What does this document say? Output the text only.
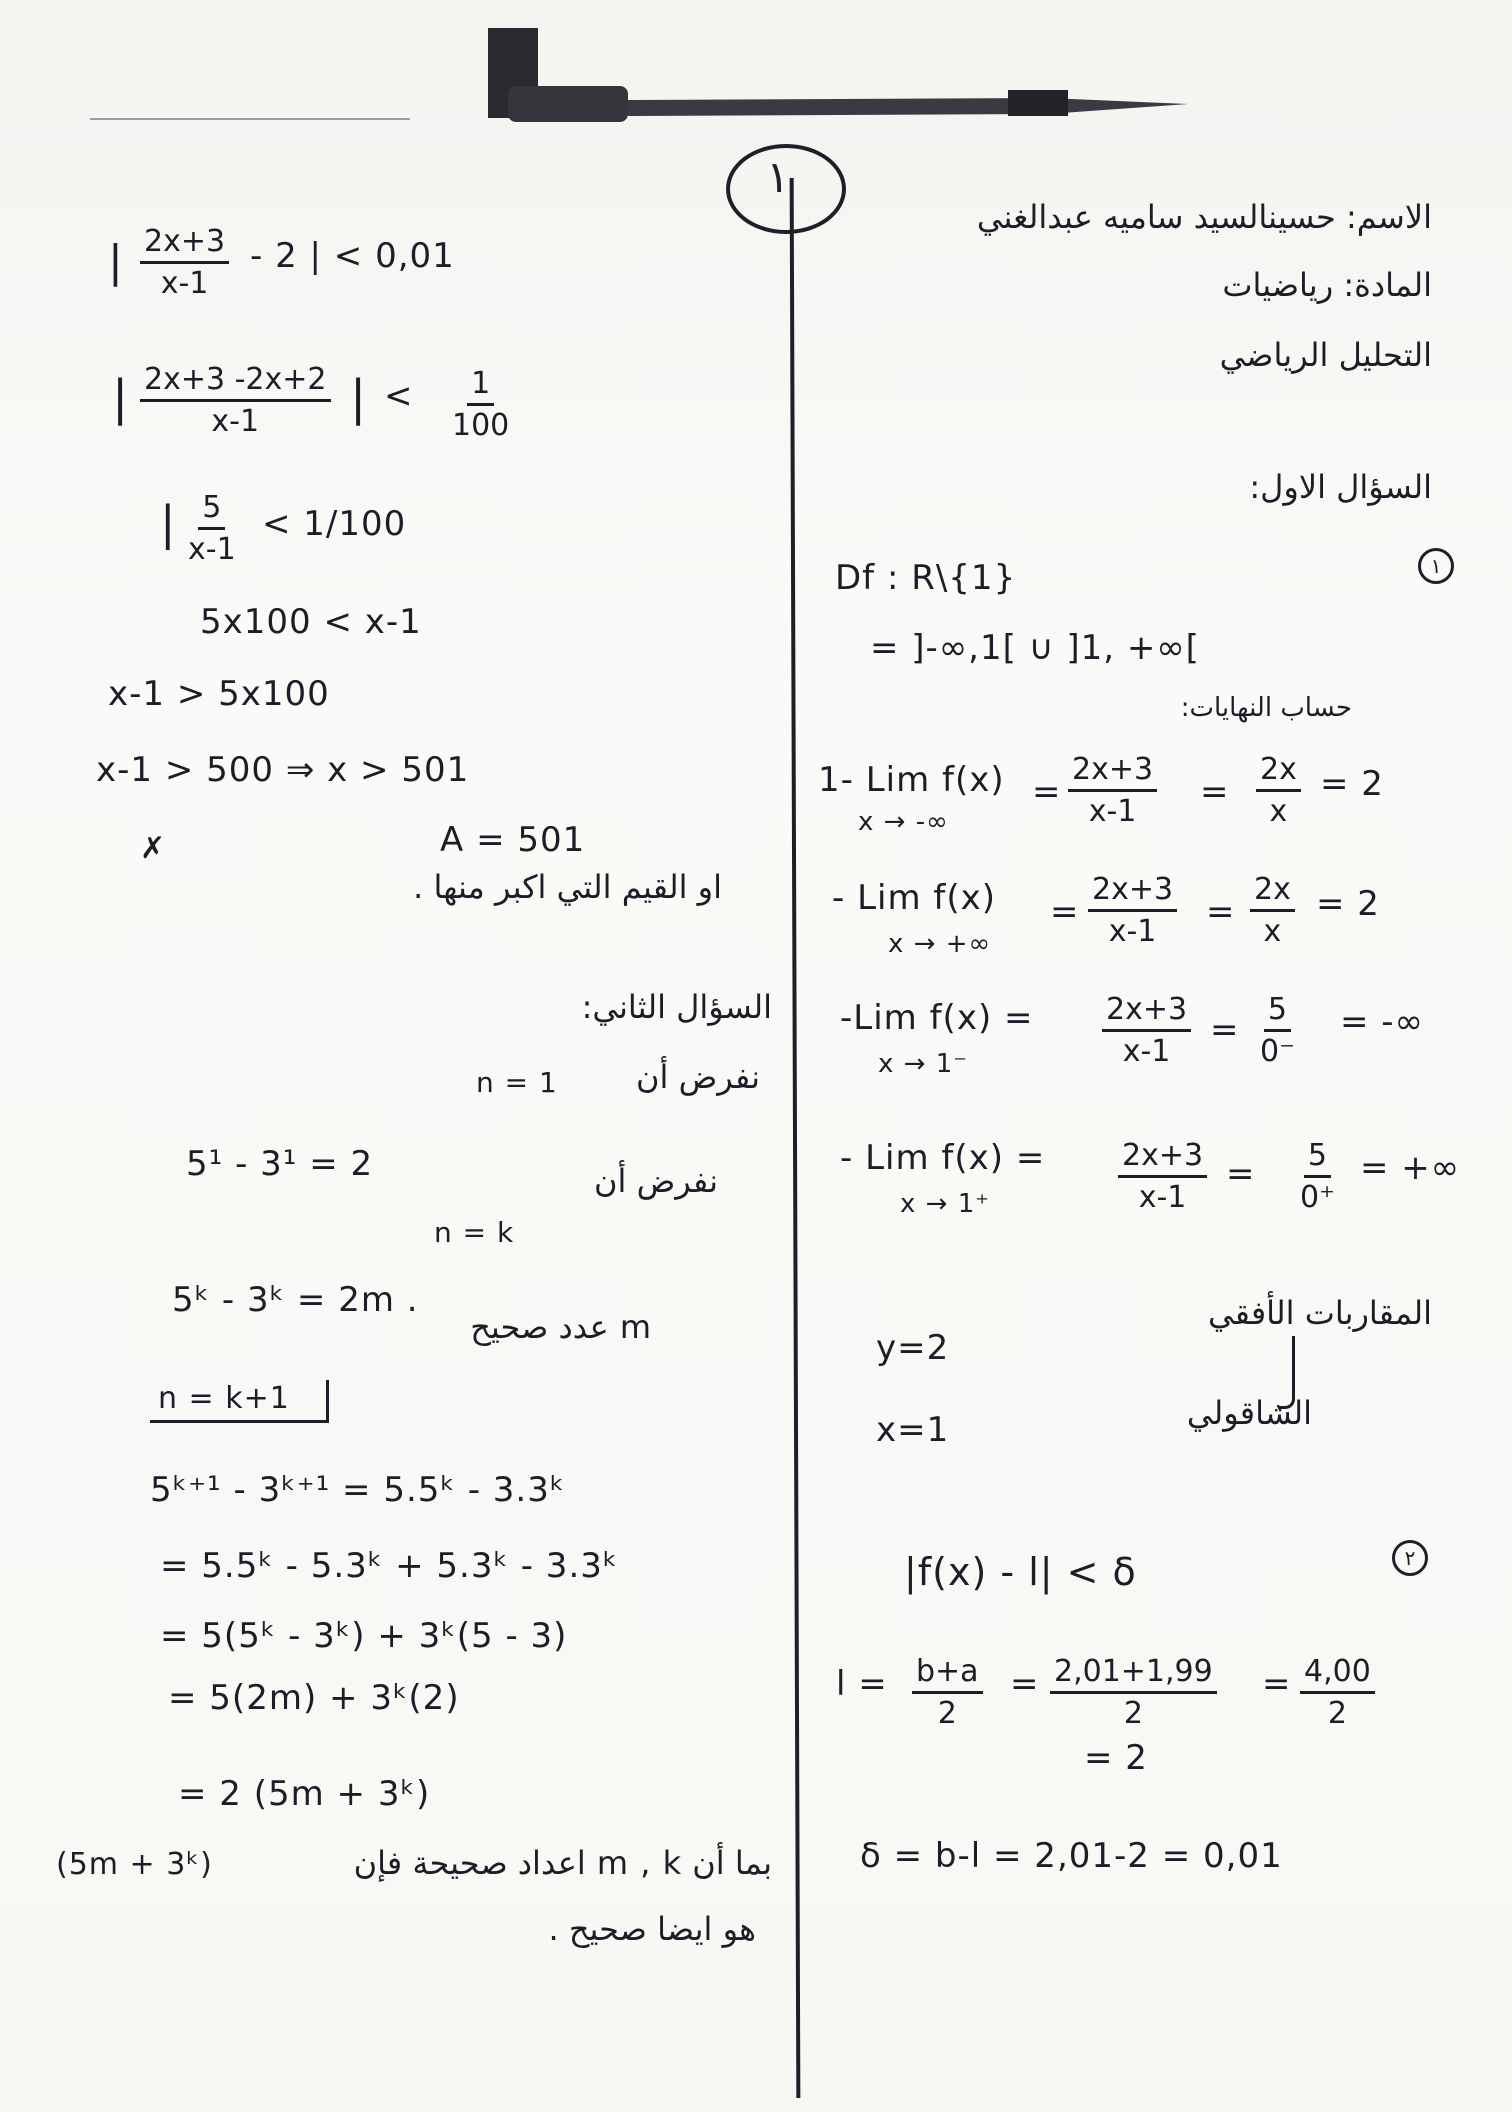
١
الاسم: حسينالسيد ساميه عبدالغني
المادة: رياضيات
التحليل الرياضي
السؤال الاول:
١
Df : R\{1}
= ]-∞,1[ ∪ ]1, +∞[
حساب النهايات:
1- Lim f(x)
x → -∞	$\frac{2x+3}{x-1}$
=	= $\frac{2x}{x} = 2$
- Lim f(x)
x → +∞	$\frac{2x+3}{x-1}$
=	= $\frac{2x}{x} = 2$
-Lim f(x) =
x → 1⁻	$\frac{2x+3}{x-1} = \frac{5}{0^-}$ = -∞
- Lim f(x) =
x → 1⁺	$\frac{2x+3}{x-1} = \frac{5}{0^+}$ = +∞
المقاربات الأفقي
y=2
الشاقولي
x=1
٢
|f(x) - l| < δ
$l = \frac{b+a}{2} = \frac{2,01+1,99}{2} = \frac{4,00}{2}$
= 2
δ = b-l = 2,01-2 = 0,01
| $\frac{2x+3}{x-1} - 2$ | < 0,01
| $\frac{2x+3 -2x+2}{x-1}$ | < $\frac{1}{100}$
| $\frac{5}{x-1} < 1/100$
5x100 < x-1
x-1 > 5x100
x-1 > 500 ⇒ x > 501
✗	A = 501
او القيم التي اكبر منها .
السؤال الثاني:
نفرض أن
n = 1
5¹ - 3¹ = 2	نفرض أن
n = k
5ᵏ - 3ᵏ = 2m .
m عدد صحيح
n = k+1
5ᵏ⁺¹ - 3ᵏ⁺¹ = 5.5ᵏ - 3.3ᵏ
= 5.5ᵏ - 5.3ᵏ + 5.3ᵏ - 3.3ᵏ
= 5(5ᵏ - 3ᵏ) + 3ᵏ(5 - 3)
= 5(2m) + 3ᵏ(2)
= 2 (5m + 3ᵏ)
بما أن m , k اعداد صحيحة فإن
(5m + 3ᵏ)
هو ايضا صحيح .
